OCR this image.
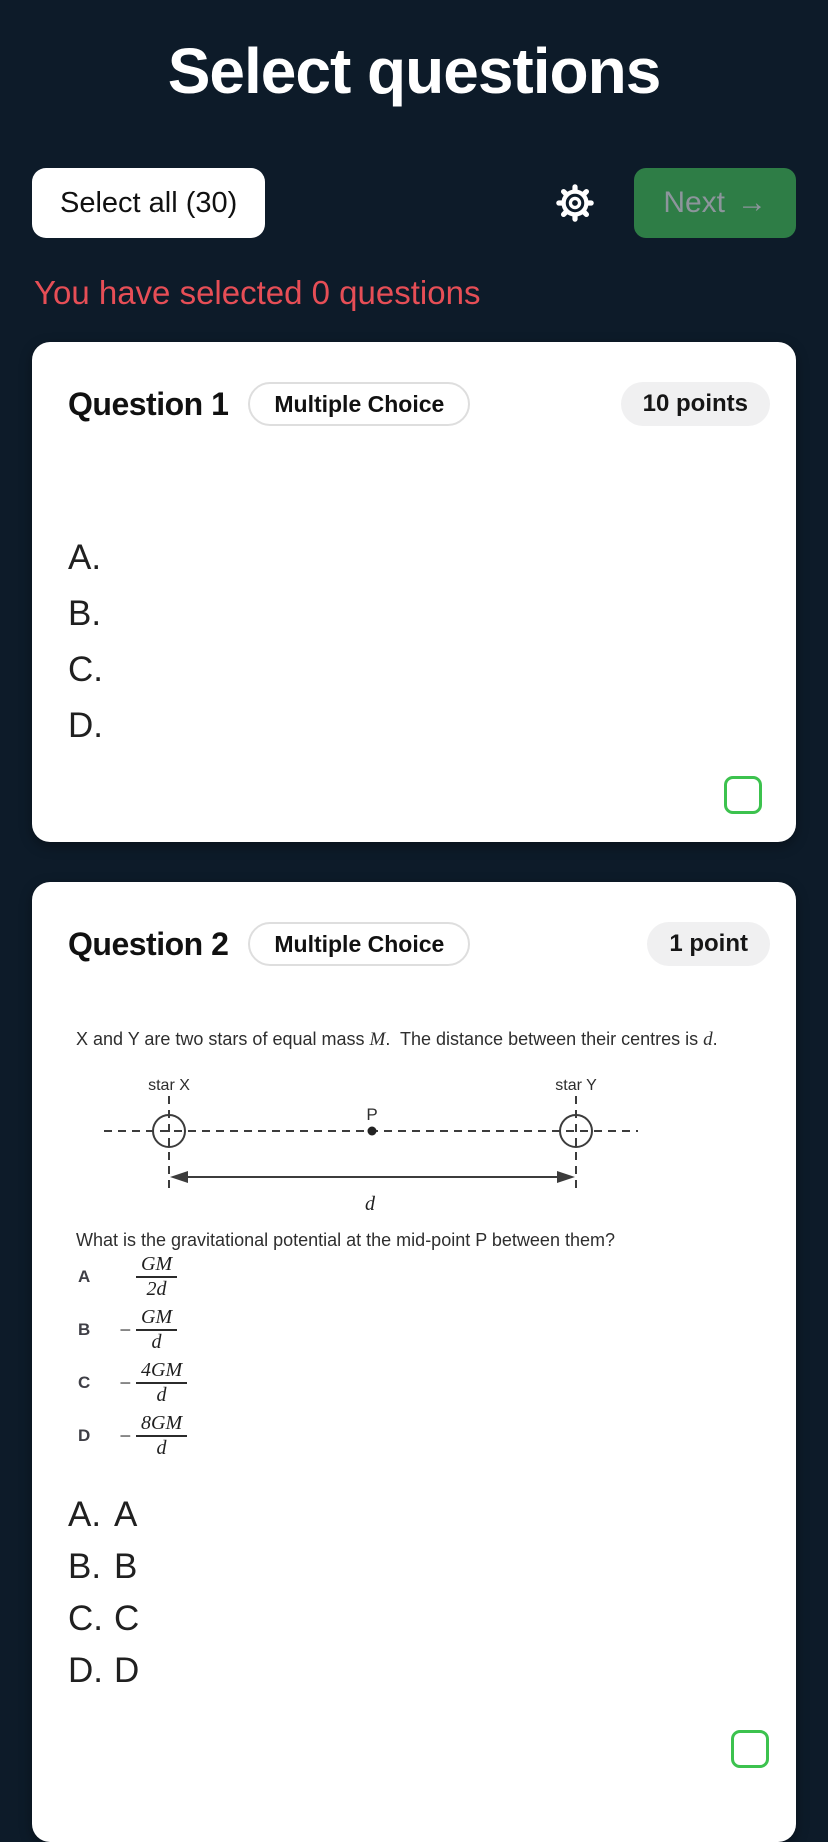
Select questions
Select all (30)	Next →
You have selected 0 questions
Question 1	Multiple Choice	10 points
A.
B.
C.
D.
Question 2	Multiple Choice	1 point

X and Y are two stars of equal mass M.  The distance between their centres is d.

star X	star Y
P
d

What is the gravitational potential at the mid-point P between them?

A	$\frac{GM}{2d}$
B	− $\frac{GM}{d}$
C	− $\frac{4GM}{d}$
D	− $\frac{8GM}{d}$
A. A
B. B
C. C
D. D
